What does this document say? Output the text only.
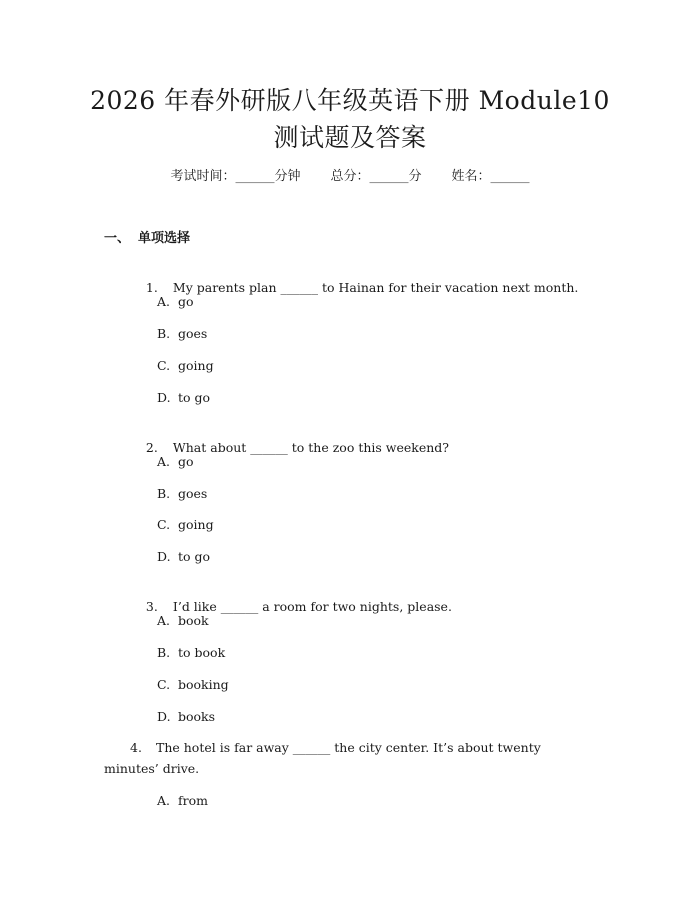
2026 年春外研版八年级英语下册 Module10
测试题及答案
考试时间：______分钟 总分：______分 姓名：______
一、 单项选择

1. My parents plan ______ to Hainan for their vacation next month.

A. go
B. goes
C. going
D. to go

2. What about ______ to the zoo this weekend?

A. go
B. goes
C. going
D. to go

3. I’d like ______ a room for two nights, please.

A. book
B. to book
C. booking
D. books
4. The hotel is far away ______ the city center. It’s about twenty minutes’ drive.
A. from
